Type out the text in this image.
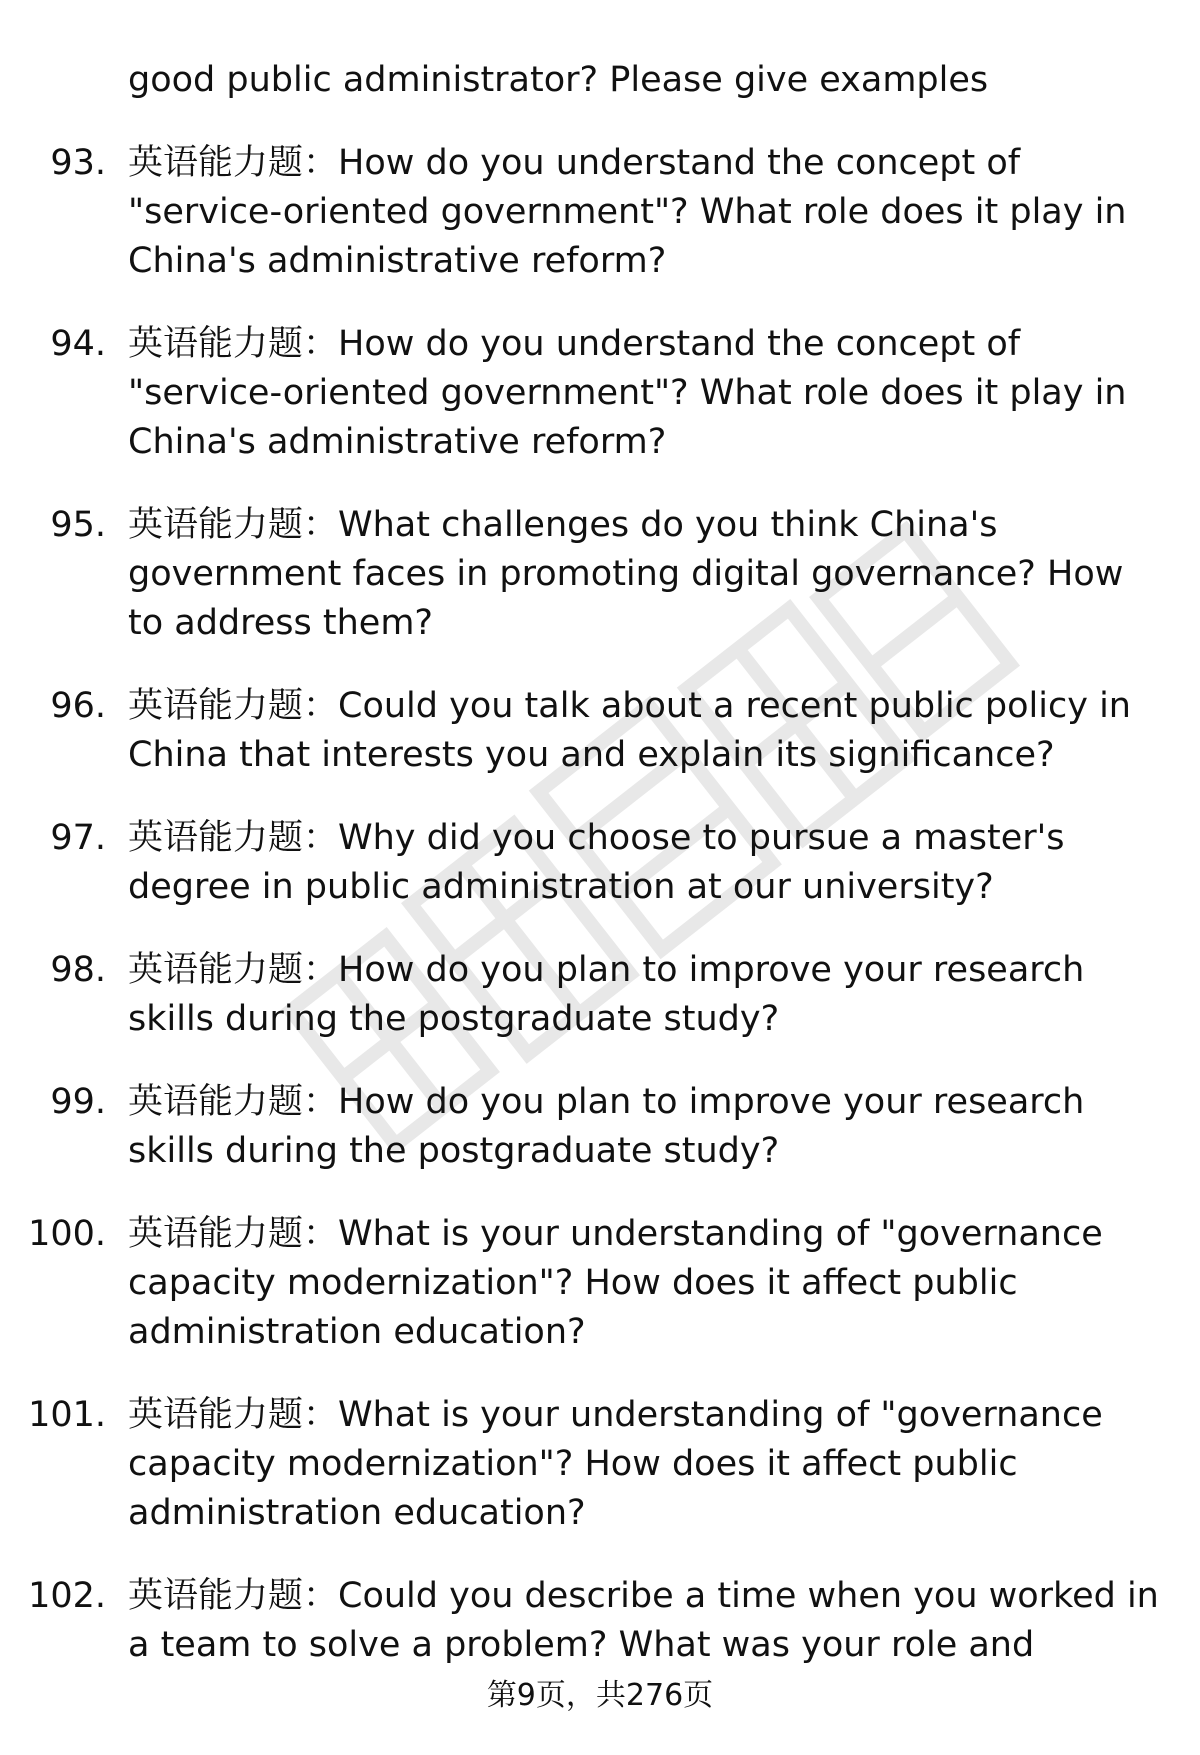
good public administrator? Please give examples
93. 英语能力题：How do you understand the concept of "service-oriented government"? What role does it play in China's administrative reform?
94. 英语能力题：How do you understand the concept of "service-oriented government"? What role does it play in China's administrative reform?
95. 英语能力题：What challenges do you think China's government faces in promoting digital governance? How to address them?
96. 英语能力题：Could you talk about a recent public policy in China that interests you and explain its significance?
97. 英语能力题：Why did you choose to pursue a master's degree in public administration at our university?
98. 英语能力题：How do you plan to improve your research skills during the postgraduate study?
99. 英语能力题：How do you plan to improve your research skills during the postgraduate study?
100. 英语能力题：What is your understanding of "governance capacity modernization"? How does it affect public administration education?
101. 英语能力题：What is your understanding of "governance capacity modernization"? How does it affect public administration education?
102. 英语能力题：Could you describe a time when you worked in a team to solve a problem? What was your role and
第9页，共276页
